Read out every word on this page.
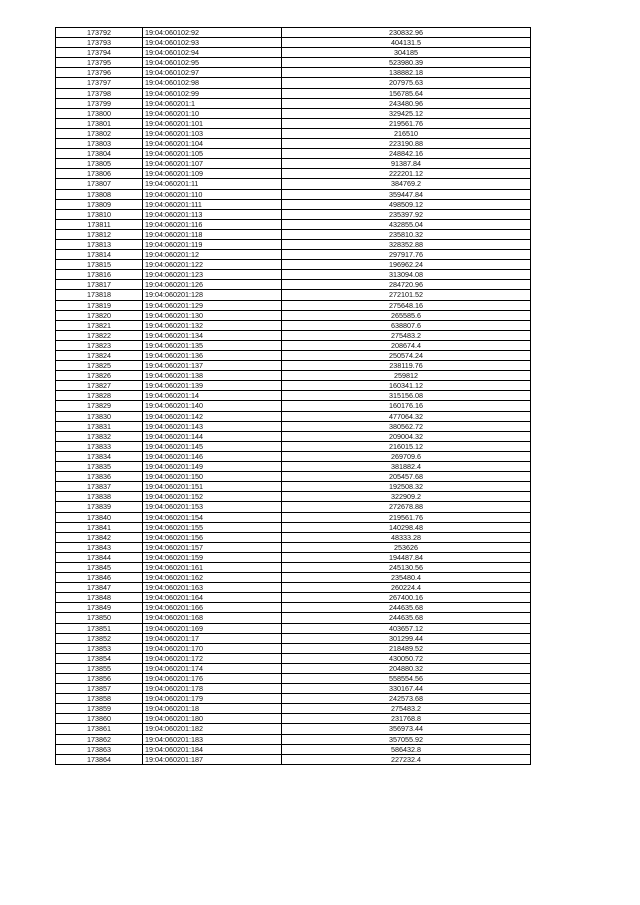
173792	19:04:060102:92	230832.96
173793	19:04:060102:93	404131.5
173794	19:04:060102:94	304185
173795	19:04:060102:95	523980.39
173796	19:04:060102:97	138882.18
173797	19:04:060102:98	207975.63
173798	19:04:060102:99	156785.64
173799	19:04:060201:1	243480.96
173800	19:04:060201:10	329425.12
173801	19:04:060201:101	219561.76
173802	19:04:060201:103	216510
173803	19:04:060201:104	223190.88
173804	19:04:060201:105	248842.16
173805	19:04:060201:107	91387.84
173806	19:04:060201:109	222201.12
173807	19:04:060201:11	384769.2
173808	19:04:060201:110	359447.84
173809	19:04:060201:111	498509.12
173810	19:04:060201:113	235397.92
173811	19:04:060201:116	432855.04
173812	19:04:060201:118	235810.32
173813	19:04:060201:119	328352.88
173814	19:04:060201:12	297917.76
173815	19:04:060201:122	196962.24
173816	19:04:060201:123	313094.08
173817	19:04:060201:126	284720.96
173818	19:04:060201:128	272101.52
173819	19:04:060201:129	275648.16
173820	19:04:060201:130	265585.6
173821	19:04:060201:132	638807.6
173822	19:04:060201:134	275483.2
173823	19:04:060201:135	208674.4
173824	19:04:060201:136	250574.24
173825	19:04:060201:137	238119.76
173826	19:04:060201:138	259812
173827	19:04:060201:139	160341.12
173828	19:04:060201:14	315156.08
173829	19:04:060201:140	160176.16
173830	19:04:060201:142	477064.32
173831	19:04:060201:143	380562.72
173832	19:04:060201:144	209004.32
173833	19:04:060201:145	216015.12
173834	19:04:060201:146	269709.6
173835	19:04:060201:149	381882.4
173836	19:04:060201:150	205457.68
173837	19:04:060201:151	192508.32
173838	19:04:060201:152	322909.2
173839	19:04:060201:153	272678.88
173840	19:04:060201:154	219561.76
173841	19:04:060201:155	140298.48
173842	19:04:060201:156	48333.28
173843	19:04:060201:157	253626
173844	19:04:060201:159	194487.84
173845	19:04:060201:161	245130.56
173846	19:04:060201:162	235480.4
173847	19:04:060201:163	260224.4
173848	19:04:060201:164	267400.16
173849	19:04:060201:166	244635.68
173850	19:04:060201:168	244635.68
173851	19:04:060201:169	403657.12
173852	19:04:060201:17	301299.44
173853	19:04:060201:170	218489.52
173854	19:04:060201:172	430050.72
173855	19:04:060201:174	204880.32
173856	19:04:060201:176	558554.56
173857	19:04:060201:178	330167.44
173858	19:04:060201:179	242573.68
173859	19:04:060201:18	275483.2
173860	19:04:060201:180	231768.8
173861	19:04:060201:182	356973.44
173862	19:04:060201:183	357055.92
173863	19:04:060201:184	586432.8
173864	19:04:060201:187	227232.4
